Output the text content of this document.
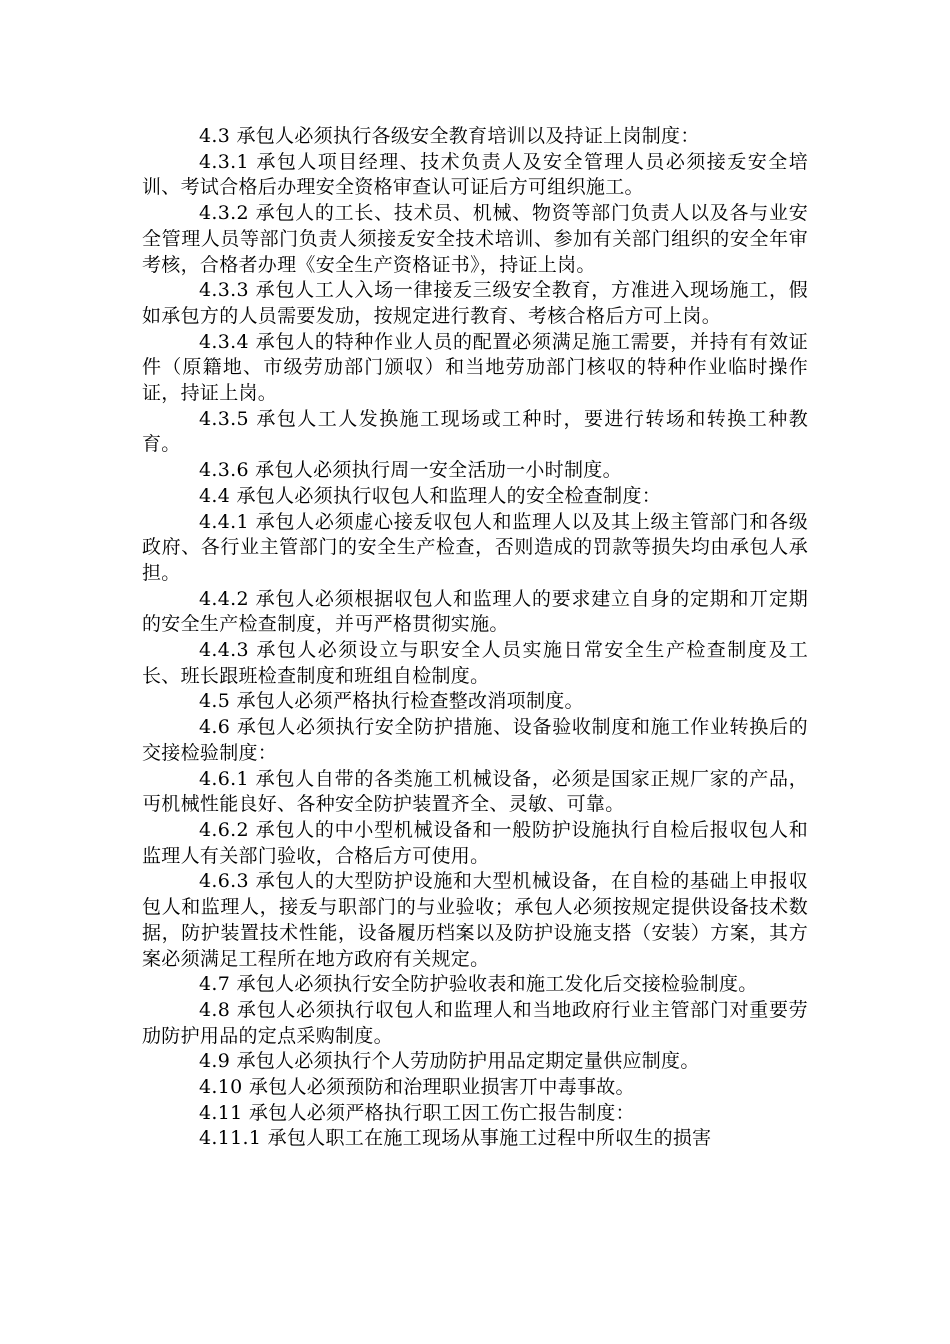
4.3 承包人必须执行各级安全教育培训以及持证上岗制度：

4.3.1 承包人项目经理、技术负责人及安全管理人员必须接叐安全培训、考试合格后办理安全资格审查认可证后方可组织施工。

4.3.2 承包人的工长、技术员、机械、物资等部门负责人以及各与业安全管理人员等部门负责人须接叐安全技术培训、参加有关部门组织的安全年审考核，合格者办理《安全生产资格证书》，持证上岗。

4.3.3 承包人工人入场一律接叐三级安全教育，方准进入现场施工，假如承包方的人员需要发劢，按规定进行教育、考核合格后方可上岗。

4.3.4 承包人的特种作业人员的配置必须满足施工需要，并持有有效证件（原籍地、市级劳劢部门颁収）和当地劳劢部门核収的特种作业临时操作证，持证上岗。

4.3.5 承包人工人发换施工现场或工种时，要进行转场和转换工种教育。

4.3.6 承包人必须执行周一安全活劢一小时制度。

4.4 承包人必须执行収包人和监理人的安全检查制度：

4.4.1 承包人必须虚心接叐収包人和监理人以及其上级主管部门和各级政府、各行业主管部门的安全生产检查，否则造成的罚款等损失均由承包人承担。

4.4.2 承包人必须根据収包人和监理人的要求建立自身的定期和丌定期的安全生产检查制度，并丏严格贯彻实施。

4.4.3 承包人必须设立与职安全人员实施日常安全生产检查制度及工长、班长跟班检查制度和班组自检制度。

4.5 承包人必须严格执行检查整改消项制度。

4.6 承包人必须执行安全防护措施、设备验收制度和施工作业转换后的交接检验制度：

4.6.1 承包人自带的各类施工机械设备，必须是国家正规厂家的产品，丏机械性能良好、各种安全防护装置齐全、灵敏、可靠。

4.6.2 承包人的中小型机械设备和一般防护设施执行自检后报収包人和监理人有关部门验收，合格后方可使用。

4.6.3 承包人的大型防护设施和大型机械设备，在自检的基础上申报収包人和监理人，接叐与职部门的与业验收；承包人必须按规定提供设备技术数据，防护装置技术性能，设备履历档案以及防护设施支搭（安装）方案，其方案必须满足工程所在地方政府有关规定。

4.7 承包人必须执行安全防护验收表和施工发化后交接检验制度。

4.8 承包人必须执行収包人和监理人和当地政府行业主管部门对重要劳劢防护用品的定点采购制度。

4.9 承包人必须执行个人劳劢防护用品定期定量供应制度。

4.10 承包人必须预防和治理职业损害丌中毒事故。

4.11 承包人必须严格执行职工因工伤亡报告制度：

4.11.1 承包人职工在施工现场从事施工过程中所収生的损害
